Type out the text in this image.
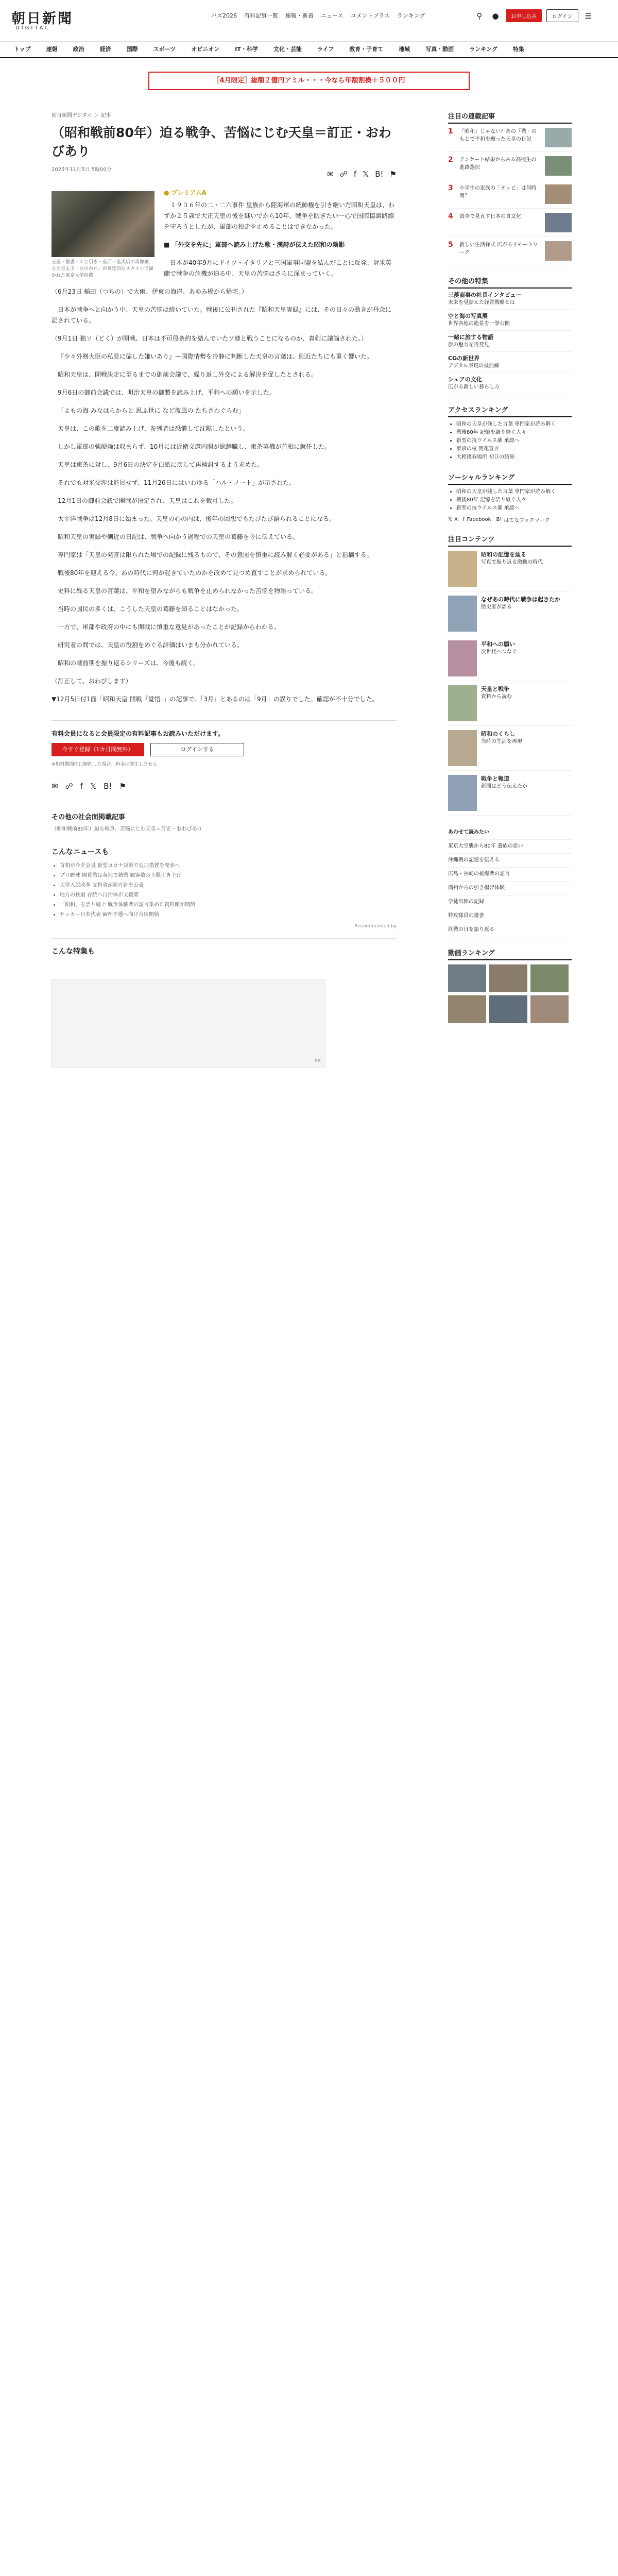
朝日新聞
DIGITAL
バズ2026 有料記事一覧 速報・新着 ニュース コメントプラス ランキング	⚲	●	お申し込み	ログイン	☰
トップ	速報	政治	経済	国際	スポーツ	オピニオン	IT・科学	文化・芸能	ライフ	教育・子育て	地域	写真・動画	ランキング	特集
［4月限定］総額２億円アミル・・・今なら年額割換＋５００円
朝日新聞デジタル ＞ 記事
（昭和戦前80年）迫る戦争、苦悩にじむ天皇＝訂正・おわびあり
2025年11月5日 5時00分	✉ ☍ f 𝕏 B! ⚑
● プレミアムA

１９３６年の二・二六事件 皇族から陸海軍の統帥権を引き継いだ昭和天皇は、わずか２５歳で大正天皇の後を継いでから10年、戦争を防ぎたい一心で国際協調路線を守ろうとしたが、軍部の独走を止めることはできなかった。

玉座・聖書・くじ引き・皇后・皇太后の肖像画、左の皇太子「ひのかわ」が宮廷的なスタイルで描かれた東京大学所蔵

■ 「外交を先に」軍部へ読み上げた歌・漢詩が伝えた昭和の陰影

日本が40年9月にドイツ・イタリアと三国軍事同盟を結んだことに反発、対米英蘭で戦争の危機が迫る中、天皇の苦悩はさらに深まっていく。

（6月23日 稲田（つちの）で大雨、伊東の海岸、あゆみ橋から帰宅。）

日本が戦争へと向かう中、天皇の苦悩は続いていた。戦後に公刊された『昭和天皇実録』には、その日々の動きが丹念に記されている。

（9月1日 独ソ（どく）が開戦、日本は不可侵条約を結んでいたソ連と戦うことになるのか、真剣に議論された。）

『少々外務大臣の私見に偏した嫌いあり』—国際情勢を冷静に判断した天皇の言葉は、側近たちにも重く響いた。

昭和天皇は、開戦決定に至るまでの御前会議で、繰り返し外交による解決を促したとされる。

9月6日の御前会議では、明治天皇の御製を読み上げ、平和への願いを示した。

「よもの海 みなはらからと 思ふ世に など波風の たちさわぐらむ」

天皇は、この歌を二度読み上げ、参列者は恐懼して沈黙したという。

しかし軍部の強硬論は収まらず、10月には近衛文麿内閣が総辞職し、東条英機が首相に就任した。

天皇は東条に対し、9月6日の決定を白紙に戻して再検討するよう求めた。

それでも対米交渉は進展せず、11月26日にはいわゆる「ハル・ノート」が示された。

12月1日の御前会議で開戦が決定され、天皇はこれを裁可した。

太平洋戦争は12月8日に始まった。天皇の心の内は、後年の回想でもたびたび語られることになる。

昭和天皇の実録や側近の日記は、戦争へ向かう過程での天皇の葛藤を今に伝えている。

専門家は「天皇の発言は限られた場での記録に残るもので、その意図を慎重に読み解く必要がある」と指摘する。

戦後80年を迎える今、あの時代に何が起きていたのかを改めて見つめ直すことが求められている。

史料に残る天皇の言葉は、平和を望みながらも戦争を止められなかった苦悩を物語っている。

当時の国民の多くは、こうした天皇の葛藤を知ることはなかった。

一方で、軍部や政府の中にも開戦に慎重な意見があったことが記録からわかる。

研究者の間では、天皇の役割をめぐる評価はいまも分かれている。

昭和の戦前期を振り返るシリーズは、今後も続く。

（訂正して、おわびします）

▼12月5日付1面「昭和天皇 開戦『覚悟』」の記事で、「3月」とあるのは「9月」の誤りでした。確認が不十分でした。

有料会員になると会員限定の有料記事もお読みいただけます。
今すぐ登録（1カ月間無料）	ログインする
※無料期間中に解約した場合、料金は発生しません
✉ ☍ f 𝕏 B! ⚑
その他の社会面掲載記事
（昭和戦前80年）迫る戦争、苦悩にじむ天皇＝訂正・おわびあり
こんなニュースも
• 首相が今夕会見 新型コロナ対策で追加措置を発表へ
• プロ野球 開幕戦は各地で熱戦 観客数の上限引き上げ
• 大学入試改革 文科省が新方針を公表
• 地方の鉄道 存続へ自治体が支援策
• 「昭和」を語り継ぐ 戦争体験者の証言集めた資料館が開館
• サッカー日本代表 W杯予選へ向け合宿開始
Recommended by
こんな特集も
PR
注目の連載記事
1	「昭和」じゃない？あの「戦」のもとで平和を願った天皇の日記
2	アンケート結果からみる高校生の進路選択
3	小学生の家族の「テレビ」は何時間？
4	食卓で見直す日本の食文化
5	新しい生活様式 広がるリモートワーク
その他の特集
三菱商事の社長インタビュー
未来を見据えた経営戦略とは
空と海の写真展
世界各地の絶景を一挙公開
一緒に旅する物語
旅の魅力を再発見
CGの新世界
デジタル表現の最前線
シェアの文化
広がる新しい暮らし方
アクセスランキング
• 昭和の天皇が残した言葉 専門家が読み解く
• 戦後80年 記憶を語り継ぐ人々
• 新型の抗ウイルス薬 承認へ
• 東京の桜 開花宣言
• 大相撲春場所 初日の結果
ソーシャルランキング
• 昭和の天皇が残した言葉 専門家が読み解く
• 戦後80年 記憶を語り継ぐ人々
• 新型の抗ウイルス薬 承認へ
𝕏 X f Facebook B! はてなブックマーク
注目コンテンツ
昭和の記憶を辿る
写真で振り返る激動の時代
なぜあの時代に戦争は起きたか
歴史家が語る
平和への願い
次世代へつなぐ
天皇と戦争
資料から読む
昭和のくらし
当時の生活を再現
戦争と報道
新聞はどう伝えたか
あわせて読みたい
東京大空襲から80年 遺族の思い
沖縄戦の記憶を伝える
広島・長崎の被爆者の証言
満州からの引き揚げ体験
学徒出陣の記録
特攻隊員の遺書
終戦の日を振り返る
動画ランキング
